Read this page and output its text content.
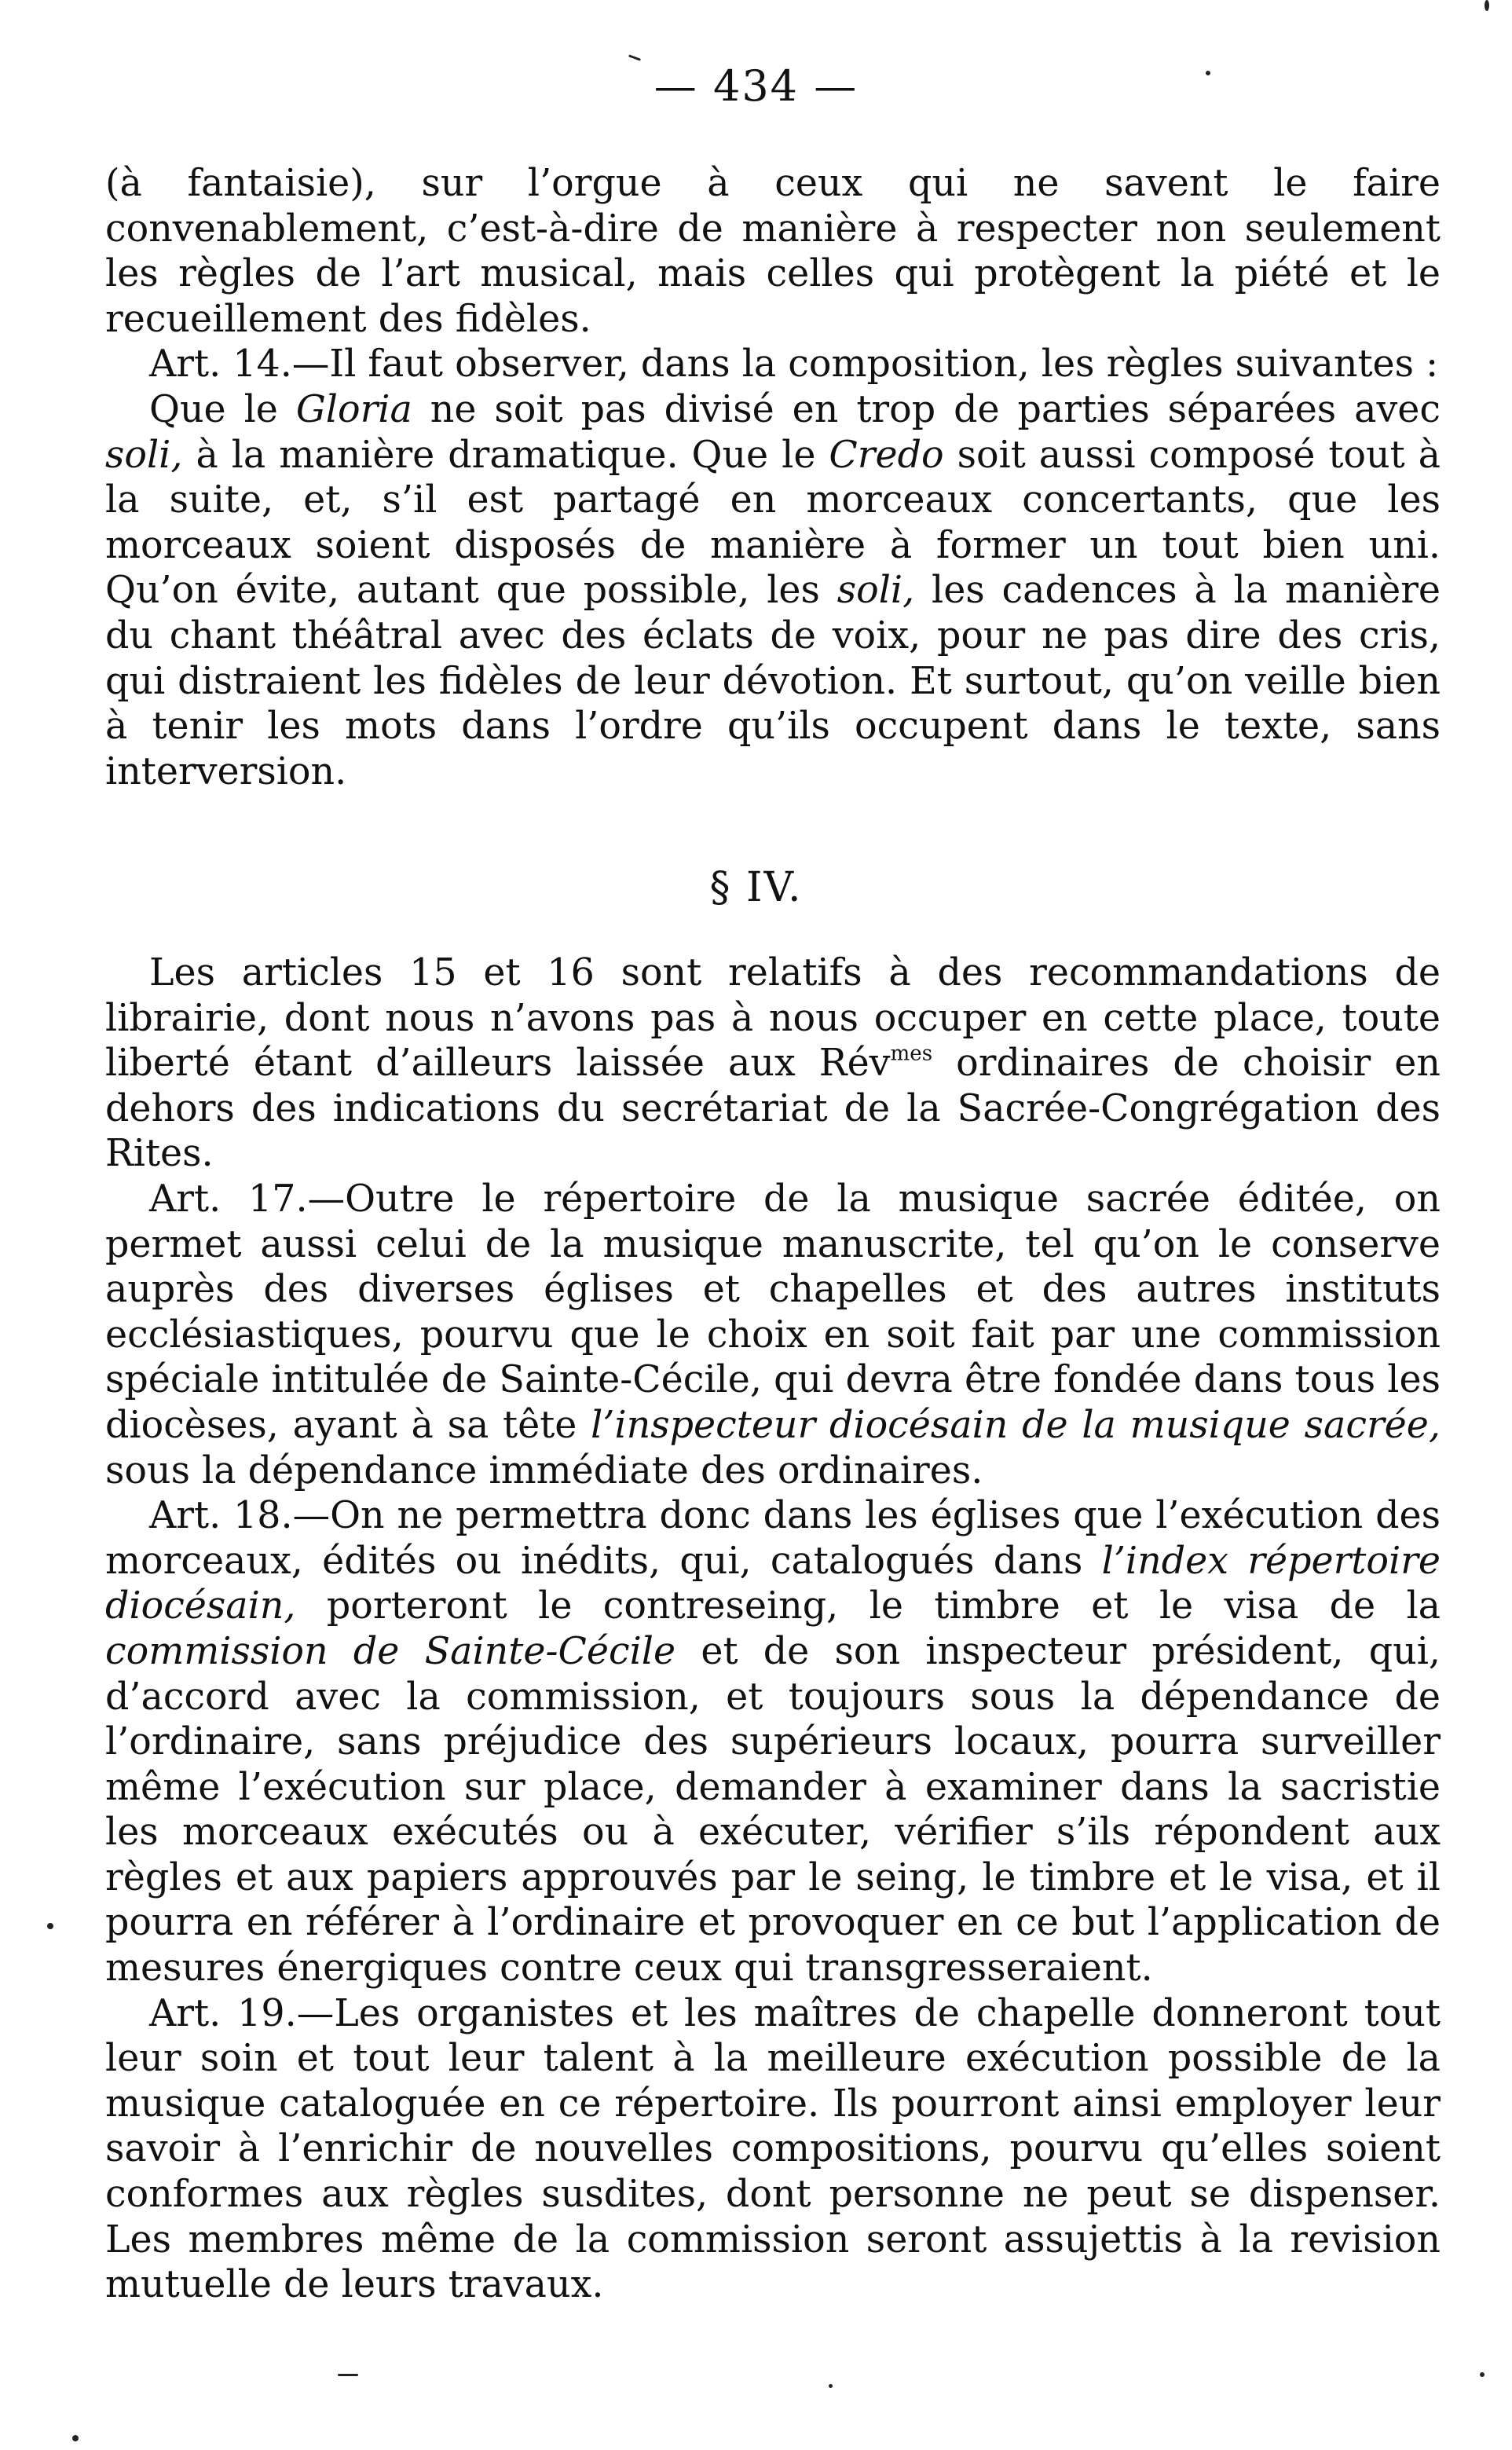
— 434 —

(à fantaisie), sur l’orgue à ceux qui ne savent le faire convenablement, c’est-à-dire de manière à respecter non seulement les règles de l’art musical, mais celles qui protègent la piété et le recueillement des fidèles.

Art. 14.—Il faut observer, dans la composition, les règles suivantes :

Que le Gloria ne soit pas divisé en trop de parties séparées avec soli, à la manière dramatique. Que le Credo soit aussi composé tout à la suite, et, s’il est partagé en morceaux concertants, que les morceaux soient disposés de manière à former un tout bien uni. Qu’on évite, autant que possible, les soli, les cadences à la manière du chant théâtral avec des éclats de voix, pour ne pas dire des cris, qui distraient les fidèles de leur dévotion. Et surtout, qu’on veille bien à tenir les mots dans l’ordre qu’ils occupent dans le texte, sans interversion.

§ IV.

Les articles 15 et 16 sont relatifs à des recommandations de librairie, dont nous n’avons pas à nous occuper en cette place, toute liberté étant d’ailleurs laissée aux Rév$^{mes}$ ordinaires de choisir en dehors des indications du secrétariat de la Sacrée-Congrégation des Rites.

Art. 17.—Outre le répertoire de la musique sacrée éditée, on permet aussi celui de la musique manuscrite, tel qu’on le conserve auprès des diverses églises et chapelles et des autres instituts ecclésiastiques, pourvu que le choix en soit fait par une commission spéciale intitulée de Sainte-Cécile, qui devra être fondée dans tous les diocèses, ayant à sa tête l’inspecteur diocésain de la musique sacrée, sous la dépendance immédiate des ordinaires.

Art. 18.—On ne permettra donc dans les églises que l’exécution des morceaux, édités ou inédits, qui, catalogués dans l’index répertoire diocésain, porteront le contreseing, le timbre et le visa de la commission de Sainte-Cécile et de son inspecteur président, qui, d’accord avec la commission, et toujours sous la dépendance de l’ordinaire, sans préjudice des supérieurs locaux, pourra surveiller même l’exécution sur place, demander à examiner dans la sacristie les morceaux exécutés ou à exécuter, vérifier s’ils répondent aux règles et aux papiers approuvés par le seing, le timbre et le visa, et il pourra en référer à l’ordinaire et provoquer en ce but l’application de mesures énergiques contre ceux qui transgresseraient.

Art. 19.—Les organistes et les maîtres de chapelle donneront tout leur soin et tout leur talent à la meilleure exécution possible de la musique cataloguée en ce répertoire. Ils pourront ainsi employer leur savoir à l’enrichir de nouvelles compositions, pourvu qu’elles soient conformes aux règles susdites, dont personne ne peut se dispenser. Les membres même de la commission seront assujettis à la revision mutuelle de leurs travaux.
